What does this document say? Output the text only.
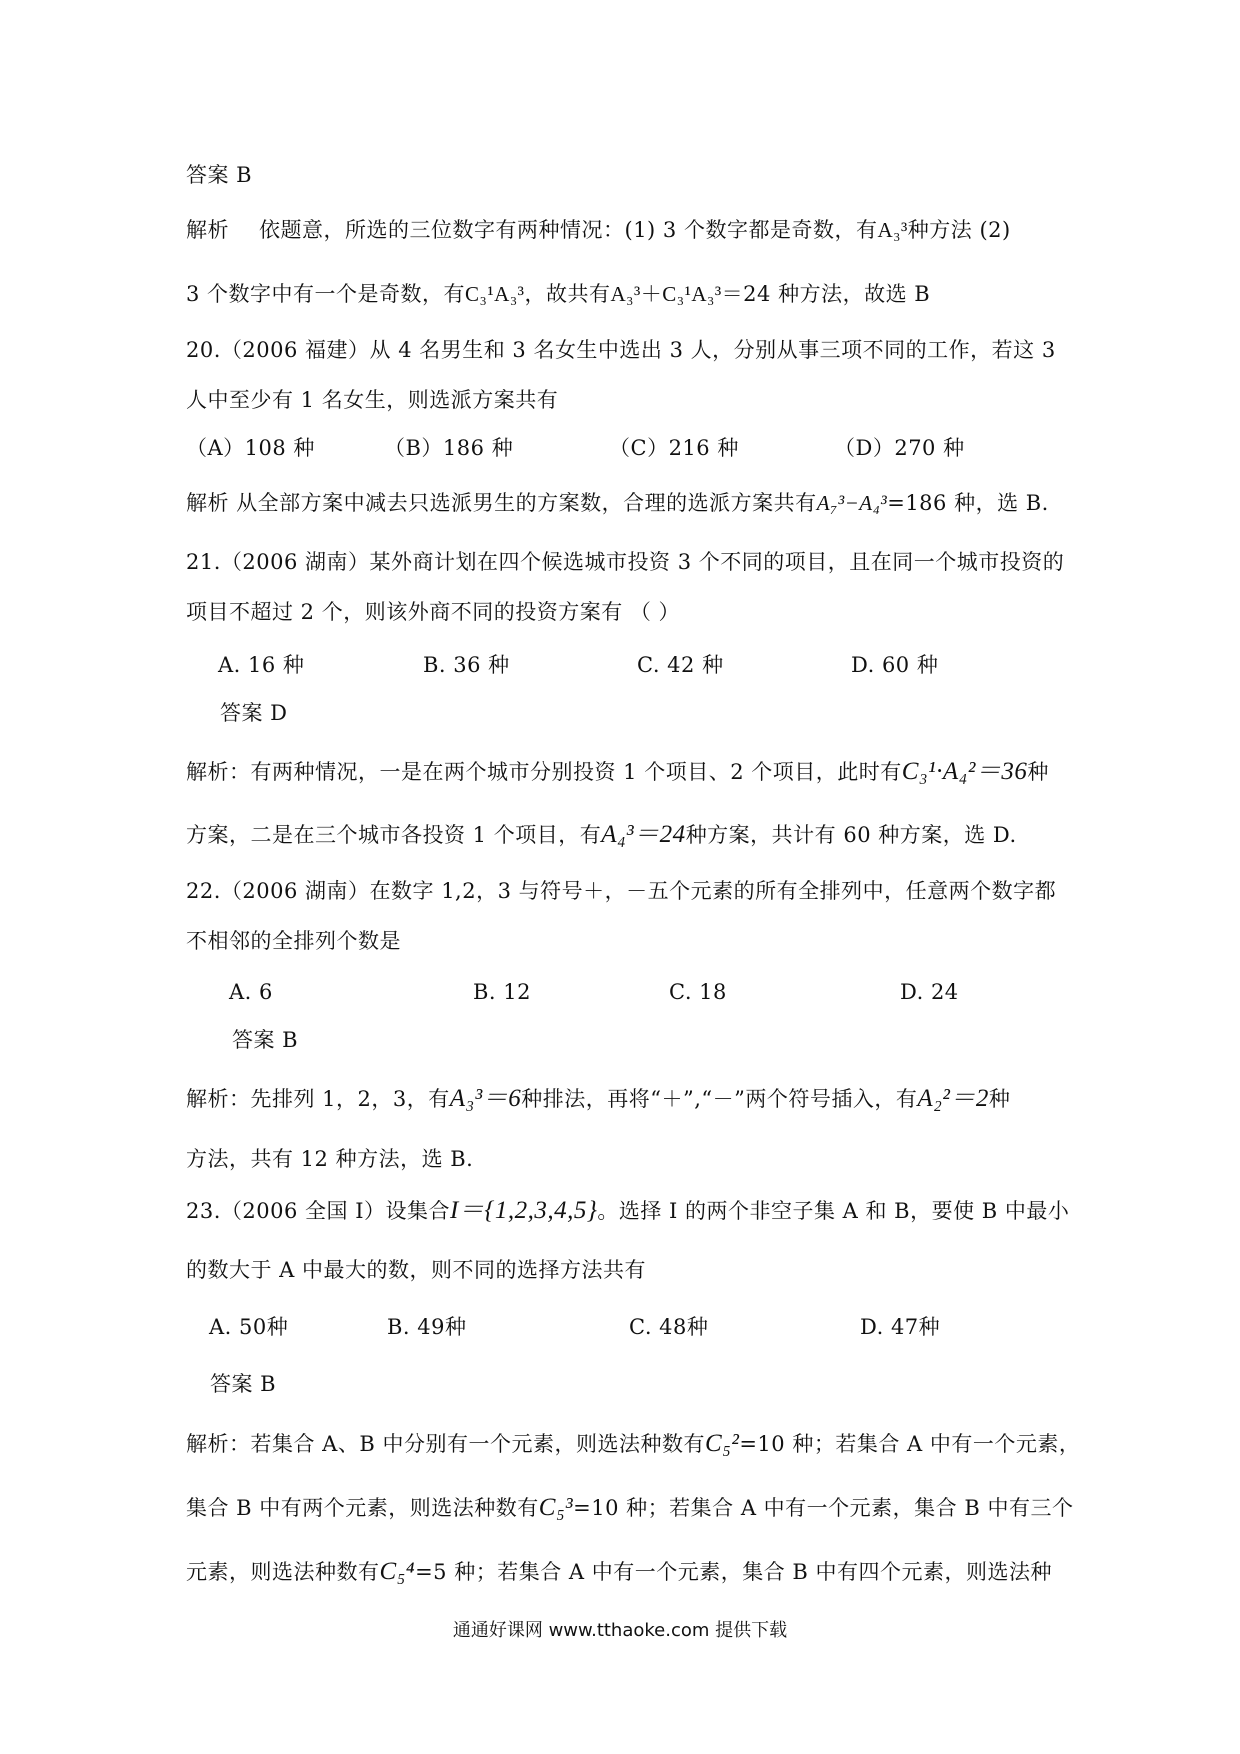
答案 B

解析 依题意，所选的三位数字有两种情况：(1) 3 个数字都是奇数，有A₃³种方法 (2)

3 个数字中有一个是奇数，有C₃¹A₃³，故共有A₃³＋C₃¹A₃³＝24 种方法，故选 B

20.（2006 福建）从 4 名男生和 3 名女生中选出 3 人，分别从事三项不同的工作，若这 3

人中至少有 1 名女生，则选派方案共有

（A）108 种	（B）186 种	（C）216 种	（D）270 种

解析 从全部方案中减去只选派男生的方案数，合理的选派方案共有A₇³−A₄³=186 种，选 B.

21.（2006 湖南）某外商计划在四个候选城市投资 3 个不同的项目，且在同一个城市投资的

项目不超过 2 个，则该外商不同的投资方案有 （ ）

A. 16 种	B. 36 种	C. 42 种	D. 60 种

答案 D

解析：有两种情况，一是在两个城市分别投资 1 个项目、2 个项目，此时有C₃¹·A₄²＝36种

方案，二是在三个城市各投资 1 个项目，有A₄³＝24种方案，共计有 60 种方案，选 D.

22.（2006 湖南）在数字 1,2，3 与符号＋，－五个元素的所有全排列中，任意两个数字都

不相邻的全排列个数是

A. 6	B. 12	C. 18	D. 24

答案 B

解析：先排列 1，2，3，有A₃³＝6种排法，再将“＋”,“－”两个符号插入，有A₂²＝2种

方法，共有 12 种方法，选 B.

23.（2006 全国 I）设集合I＝{1,2,3,4,5}。选择 I 的两个非空子集 A 和 B，要使 B 中最小

的数大于 A 中最大的数，则不同的选择方法共有

A. 50种	B. 49种	C. 48种	D. 47种

答案 B

解析：若集合 A、B 中分别有一个元素，则选法种数有C₅²=10 种；若集合 A 中有一个元素，

集合 B 中有两个元素，则选法种数有C₅³=10 种；若集合 A 中有一个元素，集合 B 中有三个

元素，则选法种数有C₅⁴=5 种；若集合 A 中有一个元素，集合 B 中有四个元素，则选法种

通通好课网 www.tthaoke.com 提供下载
